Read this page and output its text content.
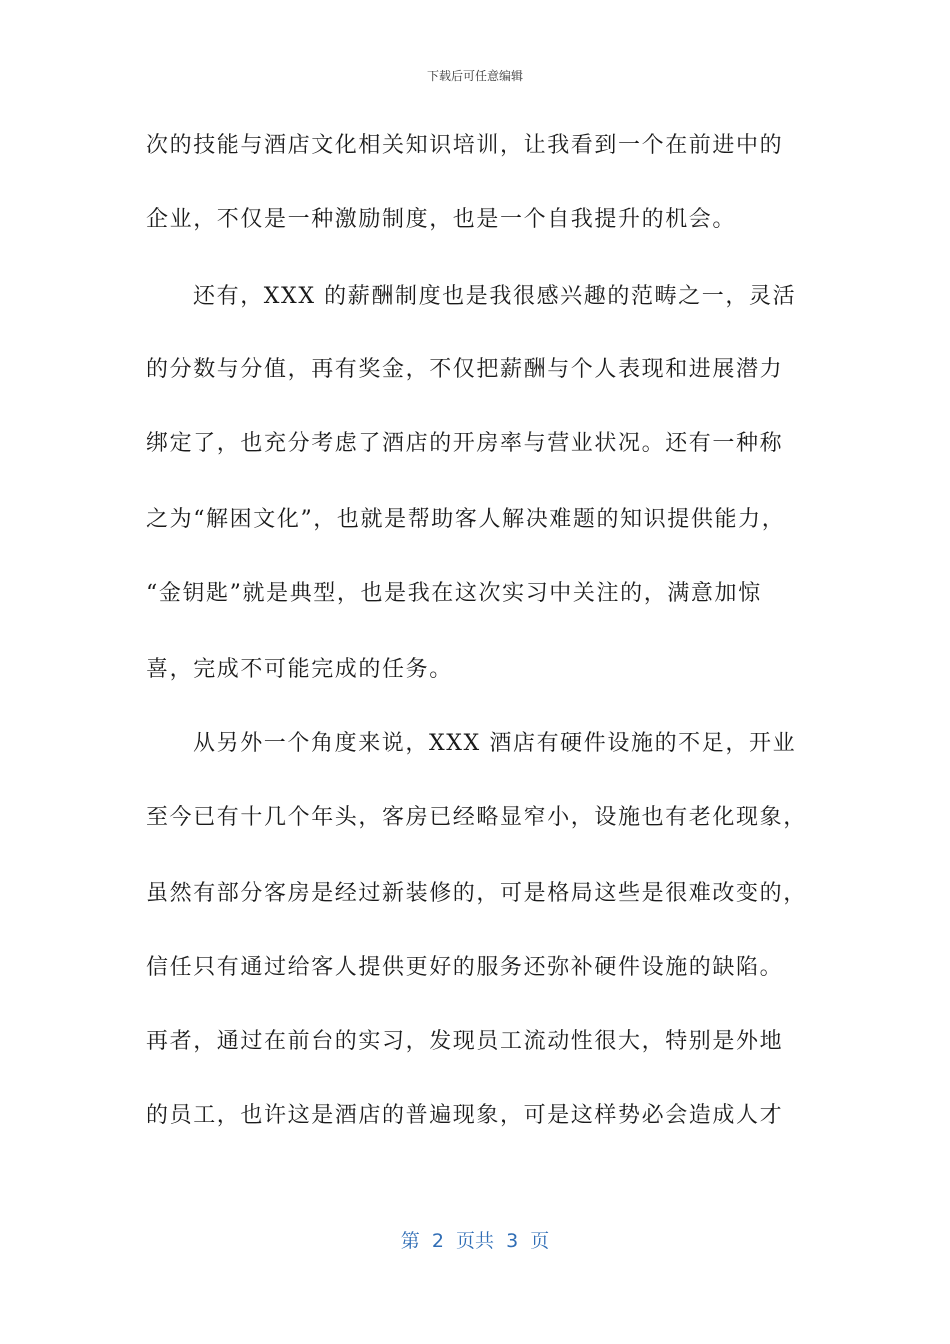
下载后可任意编辑
次的技能与酒店文化相关知识培训，让我看到一个在前进中的
企业，不仅是一种激励制度，也是一个自我提升的机会。
还有，XXX 的薪酬制度也是我很感兴趣的范畴之一，灵活
的分数与分值，再有奖金，不仅把薪酬与个人表现和进展潜力
绑定了，也充分考虑了酒店的开房率与营业状况。还有一种称
之为“解困文化”，也就是帮助客人解决难题的知识提供能力，
“金钥匙”就是典型，也是我在这次实习中关注的，满意加惊
喜，完成不可能完成的任务。
从另外一个角度来说，XXX 酒店有硬件设施的不足，开业
至今已有十几个年头，客房已经略显窄小，设施也有老化现象，
虽然有部分客房是经过新装修的，可是格局这些是很难改变的，
信任只有通过给客人提供更好的服务还弥补硬件设施的缺陷。
再者，通过在前台的实习，发现员工流动性很大，特别是外地
的员工，也许这是酒店的普遍现象，可是这样势必会造成人才
第  2  页共  3  页
